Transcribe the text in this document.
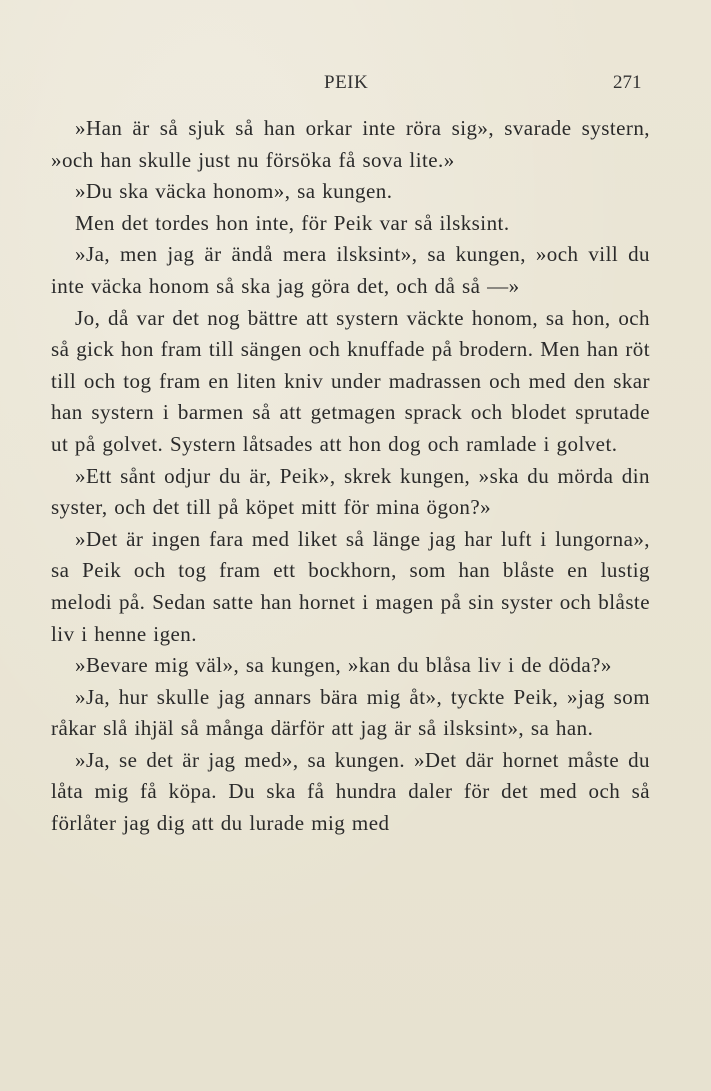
PEIK	271

»Han är så sjuk så han orkar inte röra sig», svarade systern, »och han skulle just nu försöka få sova lite.»

»Du ska väcka honom», sa kungen.

Men det tordes hon inte, för Peik var så ilsksint.

»Ja, men jag är ändå mera ilsksint», sa kungen, »och vill du inte väcka honom så ska jag göra det, och då så —»

Jo, då var det nog bättre att systern väckte honom, sa hon, och så gick hon fram till sängen och knuffade på brodern. Men han röt till och tog fram en liten kniv under madrassen och med den skar han systern i barmen så att getmagen sprack och blodet sprutade ut på golvet. Systern låtsades att hon dog och ramlade i golvet.

»Ett sånt odjur du är, Peik», skrek kungen, »ska du mörda din syster, och det till på köpet mitt för mina ögon?»

»Det är ingen fara med liket så länge jag har luft i lungorna», sa Peik och tog fram ett bockhorn, som han blåste en lustig melodi på. Sedan satte han hornet i magen på sin syster och blåste liv i henne igen.

»Bevare mig väl», sa kungen, »kan du blåsa liv i de döda?»

»Ja, hur skulle jag annars bära mig åt», tyckte Peik, »jag som råkar slå ihjäl så många därför att jag är så ilsksint», sa han.

»Ja, se det är jag med», sa kungen. »Det där hornet måste du låta mig få köpa. Du ska få hundra daler för det med och så förlåter jag dig att du lurade mig med
